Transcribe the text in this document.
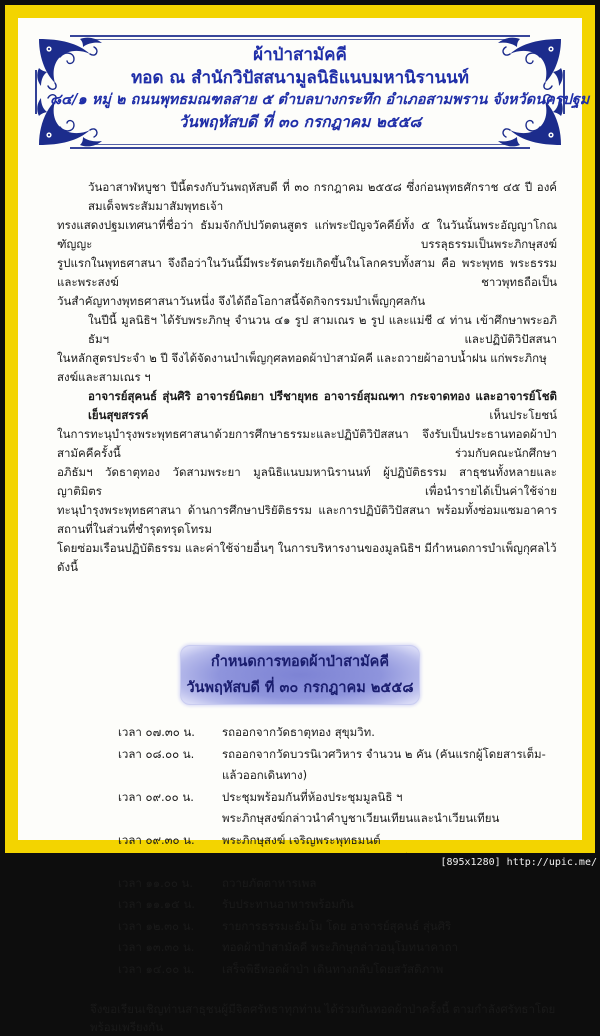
ผ้าป่าสามัคคี
ทอด ณ สำนักวิปัสสนามูลนิธิแนบมหานิรานนท์
๘๔/๑ หมู่ ๒ ถนนพุทธมณฑลสาย ๕ ตำบลบางกระทึก อำเภอสามพราน จังหวัดนครปฐม
วันพฤหัสบดี ที่ ๓๐ กรกฎาคม ๒๕๕๘
วันอาสาฬหบูชา ปีนี้ตรงกับวันพฤหัสบดี ที่ ๓๐ กรกฎาคม ๒๕๕๘ ซึ่งก่อนพุทธศักราช ๔๕ ปี องค์สมเด็จพระสัมมาสัมพุทธเจ้า
ทรงแสดงปฐมเทศนาที่ชื่อว่า ธัมมจักกัปปวัตตนสูตร แก่พระปัญจวัคคีย์ทั้ง ๕ ในวันนั้นพระอัญญาโกณฑัญญะ บรรลุธรรมเป็นพระภิกษุสงฆ์
รูปแรกในพุทธศาสนา จึงถือว่าในวันนี้มีพระรัตนตรัยเกิดขึ้นในโลกครบทั้งสาม คือ พระพุทธ พระธรรม และพระสงฆ์ ชาวพุทธถือเป็น
วันสำคัญทางพุทธศาสนาวันหนึ่ง จึงได้ถือโอกาสนี้จัดกิจกรรมบำเพ็ญกุศลกัน
ในปีนี้ มูลนิธิฯ ได้รับพระภิกษุ จำนวน ๔๑ รูป สามเณร ๒ รูป และแม่ชี ๔ ท่าน เข้าศึกษาพระอภิธัมฯ และปฏิบัติวิปัสสนา
ในหลักสูตรประจำ ๒ ปี จึงได้จัดงานบำเพ็ญกุศลทอดผ้าป่าสามัคคี และถวายผ้าอาบน้ำฝน แก่พระภิกษุสงฆ์และสามเณร ฯ
อาจารย์สุคนธ์ สุ่นศิริ อาจารย์นิตยา ปรีชายุทธ อาจารย์สุมณฑา กระจาดทอง และอาจารย์โชติ เย็นสุขสรรค์ เห็นประโยชน์
ในการทะนุบำรุงพระพุทธศาสนาด้วยการศึกษาธรรมะและปฏิบัติวิปัสสนา จึงรับเป็นประธานทอดผ้าป่าสามัคคีครั้งนี้ ร่วมกับคณะนักศึกษา
อภิธัมฯ วัดธาตุทอง วัดสามพระยา มูลนิธิแนบมหานิรานนท์ ผู้ปฏิบัติธรรม สาธุชนทั้งหลายและญาติมิตร เพื่อนำรายได้เป็นค่าใช้จ่าย
ทะนุบำรุงพระพุทธศาสนา ด้านการศึกษาปริยัติธรรม และการปฏิบัติวิปัสสนา พร้อมทั้งซ่อมแซมอาคารสถานที่ในส่วนที่ชำรุดทรุดโทรม
โดยซ่อมเรือนปฏิบัติธรรม และค่าใช้จ่ายอื่นๆ ในการบริหารงานของมูลนิธิฯ มีกำหนดการบำเพ็ญกุศลไว้ดังนี้
กำหนดการทอดผ้าป่าสามัคคี
วันพฤหัสบดี ที่ ๓๐ กรกฎาคม ๒๕๕๘
เวลา ๐๗.๓๐ น.	รถออกจากวัดธาตุทอง สุขุมวิท.
เวลา ๐๘.๐๐ น.	รถออกจากวัดบวรนิเวศวิหาร จำนวน ๒ คัน (คันแรกผู้โดยสารเต็ม-
แล้วออกเดินทาง)
เวลา ๐๙.๐๐ น.	ประชุมพร้อมกันที่ห้องประชุมมูลนิธิ ฯ
พระภิกษุสงฆ์กล่าวนำคำบูชาเวียนเทียนและนำเวียนเทียน
เวลา ๐๙.๓๐ น.	พระภิกษุสงฆ์ เจริญพระพุทธมนต์
เวลา ๑๑.๐๐ น.	ถวายภัตตาหารเพล
เวลา ๑๑.๑๕ น.	รับประทานอาหารพร้อมกัน
เวลา ๑๒.๓๐ น.	รายการธรรมะธัมโม โดย อาจารย์สุคนธ์ สุ่นศิริ
เวลา ๑๓.๓๐ น.	ทอดผ้าป่าสามัคคี พระภิกษุกล่าวอนุโมทนาคาถา
เวลา ๑๔.๐๐ น.	เสร็จพิธีทอดผ้าป่า เดินทางกลับโดยสวัสดิภาพ
จึงขอเรียนเชิญท่านสาธุชนผู้มีจิตศรัทธาทุกท่าน ได้ร่วมกันทอดผ้าป่าครั้งนี้ ตามกำลังศรัทธาโดยพร้อมเพรียงกัน
[895x1280] http://upic.me/
